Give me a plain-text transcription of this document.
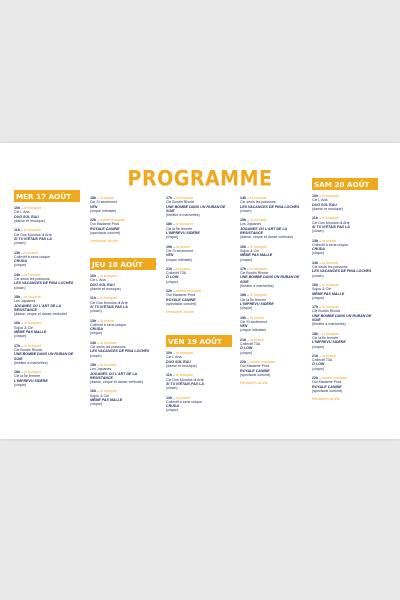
PROGRAMME
MER 17 AOÛT
10h – le bosquet
Cie L'Aria
DUO SOL'EAU
(danse et musique)
11h – le bosquet
Cie Dos Mundos di Arte
SI TU N'ÉTAIS PAS LÀ
(clown)
13h – la prairie
Collectif à sens unique
CRUDA
(cirque)
14h – la foccade
Cie seuls les poissons
LES VACANCES DE PINA LOCHES
(clown)
15h – la foccade
Les Jojoanes
JOGANES OU L'ART DE LA RESISTANCE
(danse, cirque et danse verticale)
16h – le bosquet
Sojou & Cie
MÊME PAS MALLE
(cirque)
17h – le bosquet
Cie Burdin Rhode
UNE BOMBE DANS UN RUBAN DE SOIE
(théâtre à marivelles)
18h – le bosquet
Cie la Île fermée
L'IMPREVU SIDÉRE
(cirque)
18h – la prairie
Cie Si seulement
VEN
(cirque intimiste)
22h – soirée musicale
Oui Madame Prod
ROYALE CANINE
(spectacle concert)
Rembarrés du site
JEU 18 AOÛT
10h – le bosquet
Cie L'Aria
DUO SOL'EAU
(danse et musique)
11h – le bosquet
Cie Dos Mundos di Arte
SI TU N'ÉTAIS PAS LÀ
(clown)
13h – la prairie
Collectif à sens unique
CRUDA
(cirque)
14h – la foccade
Cie seuls les poissons
LES VACANCES DE PINA LOCHES
(clown)
15h – la foccade
Les Jojoanes
JOGANES OU L'ART DE LA RESISTANCE
(danse, cirque et danse verticale)
16h – le bosquet
Sojou & Cie
MÊME PAS MALLE
(cirque)
17h – le bosquet
Cie Burdin Rhode
UNE BOMBE DANS UN RUBAN DE SOIE
(théâtre à marivelles)
18h – le bosquet
Cie la Île fermée
L'IMPREVU SIDÉRE
(cirque)
19h – la prairie
Cie Si seulement
VEN
(cirque intimiste)
21h – la prairie
Collectif 73A
Ô LOIN
(cirque)
22h – soirée musicale
Oui Madame Prod
ROYALE CANINE
(spectacle concert)
Rembarrés du site
VEN 19 AOÛT
10h – le bosquet
Cie L'Aria
DUO SOL'EAU
(danse et musique)
11h – le bosquet
Cie Dos Mundos di Arte
SI TU N'ÉTAIS PAS LÀ
(clown)
13h – la prairie
Collectif à sens unique
CRUDA
(cirque)
14h – la foccade
Cie seuls les poissons
LES VACANCES DE PINA LOCHES
(clown)
15h – la foccade
Les Jojoanes
JOGANES OU L'ART DE LA RESISTANCE
(danse, cirque et danse verticale)
16h – le bosquet
Sojou & Cie
MÊME PAS MALLE
(cirque)
17h – le bosquet
Cie Burdin Rhode
UNE BOMBE DANS UN RUBAN DE SOIE
(théâtre à marivelles)
18h – le bosquet
Cie la Île fermée
L'IMPREVU SIDÉRE
(cirque)
19h – la prairie
Cie Si seulement
VEN
(cirque intimiste)
21h – la prairie
Collectif 73A
Ô LOIN
(cirque)
22h – soirée musicale
Oui Madame Prod
ROYALE CANINE
(spectacle concert)
Rembarrés du site
SAM 20 AOÛT
10h – le bosquet
Cie L'Aria
DUO SOL'EAU
(danse et musique)
11h – le bosquet
Cie Dos Mundos di Arte
SI TU N'ÉTAIS PAS LÀ
(clown)
13h – la prairie
Collectif à sens unique
CRUDA
(cirque)
14h – la foccade
Cie seuls les poissons
LES VACANCES DE PINA LOCHES
(clown)
16h – le bosquet
Sojou & Cie
MÊME PAS MALLE
(cirque)
17h – le bosquet
Cie Burdin Rhode
UNE BOMBE DANS UN RUBAN DE SOIE
(théâtre à marivelles)
18h – le bosquet
Cie la Île fermée
L'IMPREVU SIDÉRE
(cirque)
21h – la prairie
Collectif 73A
Ô LOIN
(cirque)
22h – soirée musicale
Oui Madame Prod
ROYALE CANINE
(spectacle concert)
Rembarrés du site
